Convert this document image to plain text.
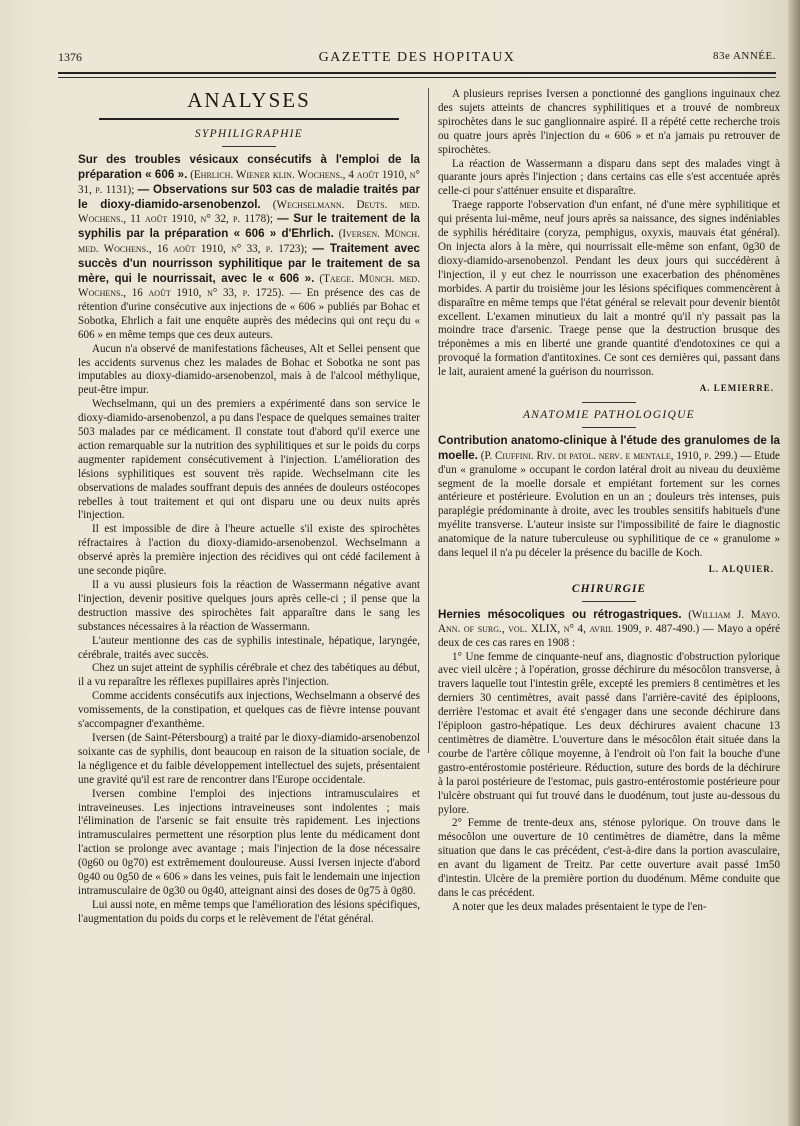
1376	GAZETTE DES HOPITAUX	83e ANNÉE.
ANALYSES
SYPHILIGRAPHIE

Sur des troubles vésicaux consécutifs à l'emploi de la préparation « 606 ». (Ehrlich. Wiener klin. Wochens., 4 août 1910, n° 31, p. 1131); — Observations sur 503 cas de maladie traités par le dioxy-diamido-arsenobenzol. (Wechselmann. Deuts. med. Wochens., 11 août 1910, n° 32, p. 1178); — Sur le traitement de la syphilis par la préparation « 606 » d'Ehrlich. (Iversen. Münch. med. Wochens., 16 août 1910, n° 33, p. 1723); — Traitement avec succès d'un nourrisson syphilitique par le traitement de sa mère, qui le nourrissait, avec le « 606 ». (Taege. Münch. med. Wochens., 16 août 1910, n° 33, p. 1725). — En présence des cas de rétention d'urine consécutive aux injections de « 606 » publiés par Bohac et Sobotka, Ehrlich a fait une enquête auprès des médecins qui ont reçu du « 606 » en même temps que ces deux auteurs.

Aucun n'a observé de manifestations fâcheuses, Alt et Sellei pensent que les accidents survenus chez les malades de Bohac et Sobotka ne sont pas imputables au dioxy-diamido-arsenobenzol, mais à de l'alcool méthylique, peut-être impur.

Wechselmann, qui un des premiers a expérimenté dans son service le dioxy-diamido-arsenobenzol, a pu dans l'espace de quelques semaines traiter 503 malades par ce médicament. Il constate tout d'abord qu'il exerce une action remarquable sur la nutrition des syphilitiques et sur le poids du corps augmenter rapidement consécutivement à l'injection. L'amélioration des lésions syphilitiques est souvent très rapide. Wechselmann cite les observations de malades souffrant depuis des années de douleurs ostéocopes rebelles à tout traitement et qui ont disparu une ou deux nuits après l'injection.

Il est impossible de dire à l'heure actuelle s'il existe des spirochètes réfractaires à l'action du dioxy-diamido-arsenobenzol. Wechselmann a observé après la première injection des récidives qui ont cédé facilement à une seconde piqûre.

Il a vu aussi plusieurs fois la réaction de Wassermann négative avant l'injection, devenir positive quelques jours après celle-ci ; il pense que la destruction massive des spirochètes fait apparaître dans le sang les substances nécessaires à la réaction de Wassermann.

L'auteur mentionne des cas de syphilis intestinale, hépatique, laryngée, cérébrale, traités avec succès.

Chez un sujet atteint de syphilis cérébrale et chez des tabétiques au début, il a vu reparaître les réflexes pupillaires après l'injection.

Comme accidents consécutifs aux injections, Wechselmann a observé des vomissements, de la constipation, et quelques cas de fièvre intense pouvant s'accompagner d'exanthème.

Iversen (de Saint-Pétersbourg) a traité par le dioxy-diamido-arsenobenzol soixante cas de syphilis, dont beaucoup en raison de la situation sociale, de la négligence et du faible développement intellectuel des sujets, présentaient une gravité qu'il est rare de rencontrer dans l'Europe occidentale.

Iversen combine l'emploi des injections intramusculaires et intraveineuses. Les injections intraveineuses sont indolentes ; mais l'élimination de l'arsenic se fait ensuite très rapidement. Les injections intramusculaires permettent une résorption plus lente du médicament dont l'action se prolonge avec avantage ; mais l'injection de la dose nécessaire (0g60 ou 0g70) est extrêmement douloureuse. Aussi Iversen injecte d'abord 0g40 ou 0g50 de « 606 » dans les veines, puis fait le lendemain une injection intramusculaire de 0g30 ou 0g40, atteignant ainsi des doses de 0g75 à 0g80.

Lui aussi note, en même temps que l'amélioration des lésions spécifiques, l'augmentation du poids du corps et le relèvement de l'état général.

A plusieurs reprises Iversen a ponctionné des ganglions inguinaux chez des sujets atteints de chancres syphilitiques et a trouvé de nombreux spirochètes dans le suc ganglionnaire aspiré. Il a répété cette recherche trois ou quatre jours après l'injection du « 606 » et n'a jamais pu retrouver de spirochètes.

La réaction de Wassermann a disparu dans sept des malades vingt à quarante jours après l'injection ; dans certains cas elle s'est accentuée après celle-ci pour s'atténuer ensuite et disparaître.

Traege rapporte l'observation d'un enfant, né d'une mère syphilitique et qui présenta lui-même, neuf jours après sa naissance, des signes indéniables de syphilis héréditaire (coryza, pemphigus, oxyxis, mauvais état général). On injecta alors à la mère, qui nourrissait elle-même son enfant, 0g30 de dioxy-diamido-arsenobenzol. Pendant les deux jours qui succédèrent à l'injection, il y eut chez le nourrisson une exacerbation des phénomènes morbides. A partir du troisième jour les lésions spécifiques commencèrent à disparaître en même temps que l'état général se relevait pour devenir bientôt excellent. L'examen minutieux du lait a montré qu'il n'y passait pas la moindre trace d'arsenic. Traege pense que la destruction brusque des tréponèmes a mis en liberté une grande quantité d'endotoxines ce qui a provoqué la formation d'antitoxines. Ce sont ces dernières qui, passant dans le lait, auraient amené la guérison du nourrisson.

A. LEMIERRE.
ANATOMIE PATHOLOGIQUE

Contribution anatomo-clinique à l'étude des granulomes de la moelle. (P. Ciuffini. Riv. di patol. nerv. e mentale, 1910, p. 299.) — Etude d'un « granulome » occupant le cordon latéral droit au niveau du deuxième segment de la moelle dorsale et empiétant fortement sur les cornes antérieure et postérieure. Evolution en un an ; douleurs très intenses, puis paraplégie prédominante à droite, avec les troubles sensitifs habituels d'une myélite transverse. L'auteur insiste sur l'impossibilité de faire le diagnostic anatomique de la nature tuberculeuse ou syphilitique de ce « granulome » dans lequel il n'a pu déceler la présence du bacille de Koch.

L. ALQUIER.
CHIRURGIE

Hernies mésocoliques ou rétrogastriques. (William J. Mayo. Ann. of surg., vol. XLIX, n° 4, avril 1909, p. 487-490.) — Mayo a opéré deux de ces cas rares en 1908 :

1° Une femme de cinquante-neuf ans, diagnostic d'obstruction pylorique avec vieil ulcère ; à l'opération, grosse déchirure du mésocôlon transverse, à travers laquelle tout l'intestin grêle, excepté les premiers 8 centimètres et les derniers 30 centimètres, avait passé dans l'arrière-cavité des épiploons, derrière l'estomac et avait été s'engager dans une seconde déchirure dans l'épiploon gastro-hépatique. Les deux déchirures avaient chacune 13 centimètres de diamètre. L'ouverture dans le mésocôlon était située dans la courbe de l'artère côlique moyenne, à l'endroit où l'on fait la bouche d'une gastro-entérostomie postérieure. Réduction, suture des bords de la déchirure à la paroi postérieure de l'estomac, puis gastro-entérostomie postérieure pour l'ulcère obstruant qui fut trouvé dans le duodénum, tout juste au-dessous du pylore.

2° Femme de trente-deux ans, sténose pylorique. On trouve dans le mésocôlon une ouverture de 10 centimètres de diamètre, dans la même situation que dans le cas précédent, c'est-à-dire dans la portion avasculaire, en avant du ligament de Treitz. Par cette ouverture avait passé 1m50 d'intestin. Ulcère de la première portion du duodénum. Même conduite que dans le cas précédent.

A noter que les deux malades présentaient le type de l'en-
